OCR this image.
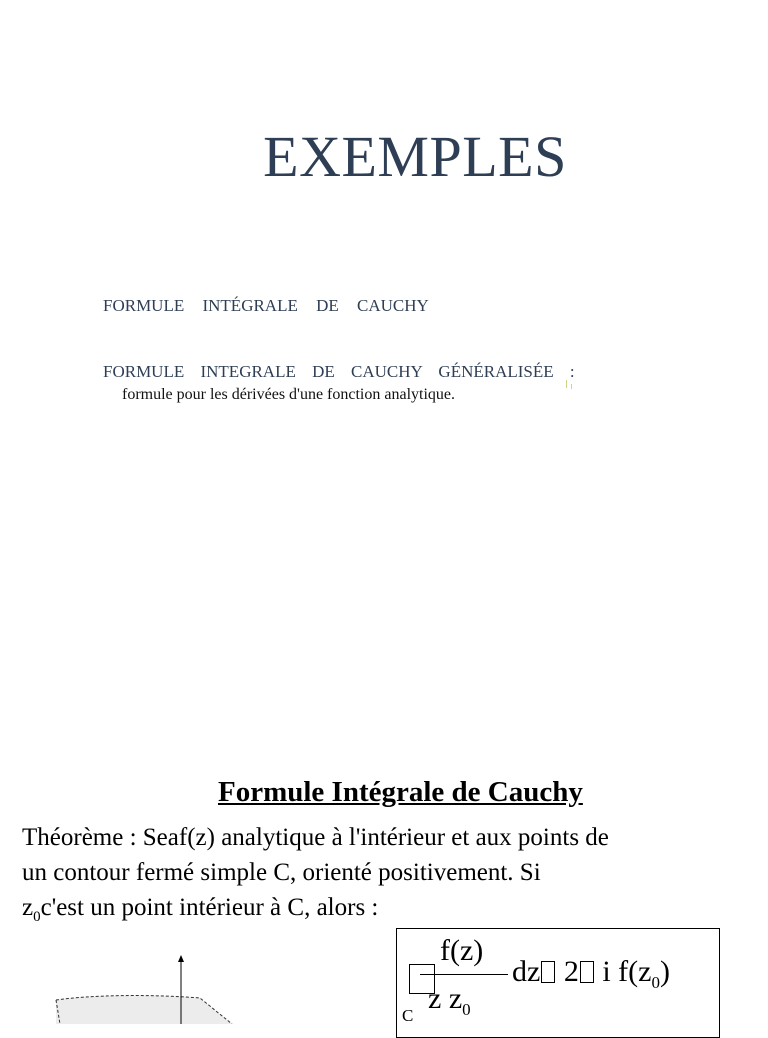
EXEMPLES
FORMULE INTÉGRALE DE CAUCHY
FORMULE INTEGRALE DE CAUCHY GÉNÉRALISÉE :
formule pour les dérivées d'une fonction analytique.
Formule Intégrale de Cauchy
Théorème : Seaf(z) analytique à l'intérieur et aux points de
un contour fermé simple C, orienté positivement. Si
$z_0c'est$ un point intérieur à C, alors :
f(z)
z $z_0$
C
dz 2 i $f(z_0)$
